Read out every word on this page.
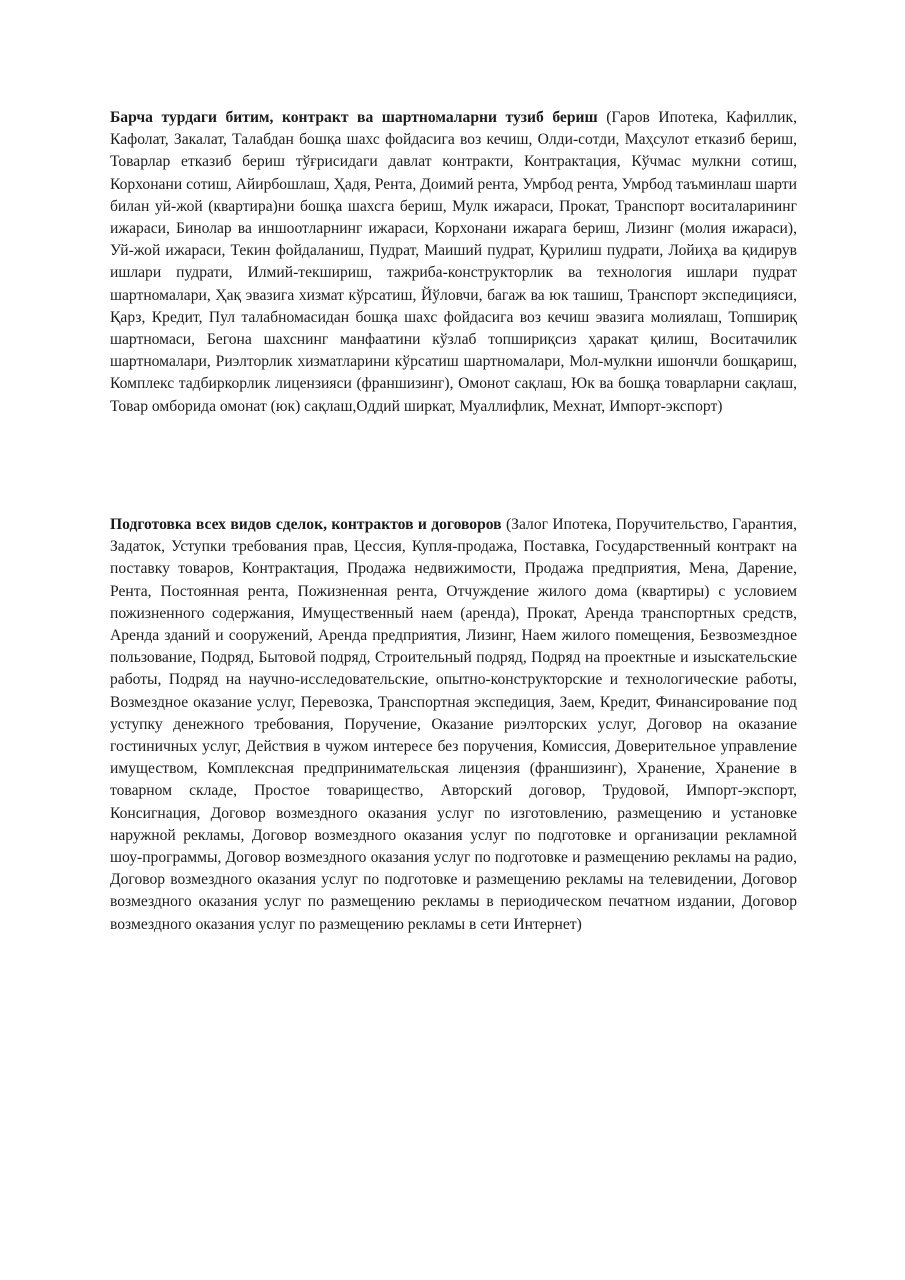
Барча турдаги битим, контракт ва шартномаларни тузиб бериш (Гаров Ипотека, Кафиллик, Кафолат, Закалат, Талабдан бошқа шахс фойдасига воз кечиш, Олди-сотди, Маҳсулот етказиб бериш, Товарлар етказиб бериш тўғрисидаги давлат контракти, Контрактация, Кўчмас мулкни сотиш, Корхонани сотиш, Айирбошлаш, Ҳадя, Рента, Доимий рента, Умрбод рента, Умрбод таъминлаш шарти билан уй-жой (квартира)ни бошқа шахсга бериш, Мулк ижараси, Прокат, Транспорт воситаларининг ижараси, Бинолар ва иншоотларнинг ижараси, Корхонани ижарага бериш, Лизинг (молия ижараси), Уй-жой ижараси, Текин фойдаланиш, Пудрат, Маиший пудрат, Қурилиш пудрати, Лойиҳа ва қидирув ишлари пудрати, Илмий-текшириш, тажриба-конструкторлик ва технология ишлари пудрат шартномалари, Ҳақ эвазига хизмат кўрсатиш, Йўловчи, багаж ва юк ташиш, Транспорт экспедицияси, Қарз, Кредит, Пул талабномасидан бошқа шахс фойдасига воз кечиш эвазига молиялаш, Топшириқ шартномаси, Бегона шахснинг манфаатини кўзлаб топшириқсиз ҳаракат қилиш, Воситачилик шартномалари, Риэлторлик хизматларини кўрсатиш шартномалари, Мол-мулкни ишончли бошқариш, Комплекс тадбиркорлик лицензияси (франшизинг), Омонот сақлаш, Юк ва бошқа товарларни сақлаш, Товар омборида омонат (юк) сақлаш,Оддий ширкат, Муаллифлик, Мехнат, Импорт-экспорт)

Подготовка всех видов сделок, контрактов и договоров (Залог Ипотека, Поручительство, Гарантия, Задаток, Уступки требования прав, Цессия, Купля-продажа, Поставка, Государственный контракт на поставку товаров, Контрактация, Продажа недвижимости, Продажа предприятия, Мена, Дарение, Рента, Постоянная рента, Пожизненная рента, Отчуждение жилого дома (квартиры) с условием пожизненного содержания, Имущественный наем (аренда), Прокат, Аренда транспортных средств, Аренда зданий и сооружений, Аренда предприятия, Лизинг, Наем жилого помещения, Безвозмездное пользование, Подряд, Бытовой подряд, Строительный подряд, Подряд на проектные и изыскательские работы, Подряд на научно-исследовательские, опытно-конструкторские и технологические работы, Возмездное оказание услуг, Перевозка, Транспортная экспедиция, Заем, Кредит, Финансирование под уступку денежного требования, Поручение, Оказание риэлторских услуг, Договор на оказание гостиничных услуг, Действия в чужом интересе без поручения, Комиссия, Доверительное управление имуществом, Комплексная предпринимательская лицензия (франшизинг), Хранение, Хранение в товарном складе, Простое товарищество, Авторский договор, Трудовой, Импорт-экспорт, Консигнация, Договор возмездного оказания услуг по изготовлению, размещению и установке наружной рекламы, Договор возмездного оказания услуг по подготовке и организации рекламной шоу-программы, Договор возмездного оказания услуг по подготовке и размещению рекламы на радио, Договор возмездного оказания услуг по подготовке и размещению рекламы на телевидении, Договор возмездного оказания услуг по размещению рекламы в периодическом печатном издании, Договор возмездного оказания услуг по размещению рекламы в сети Интернет)
